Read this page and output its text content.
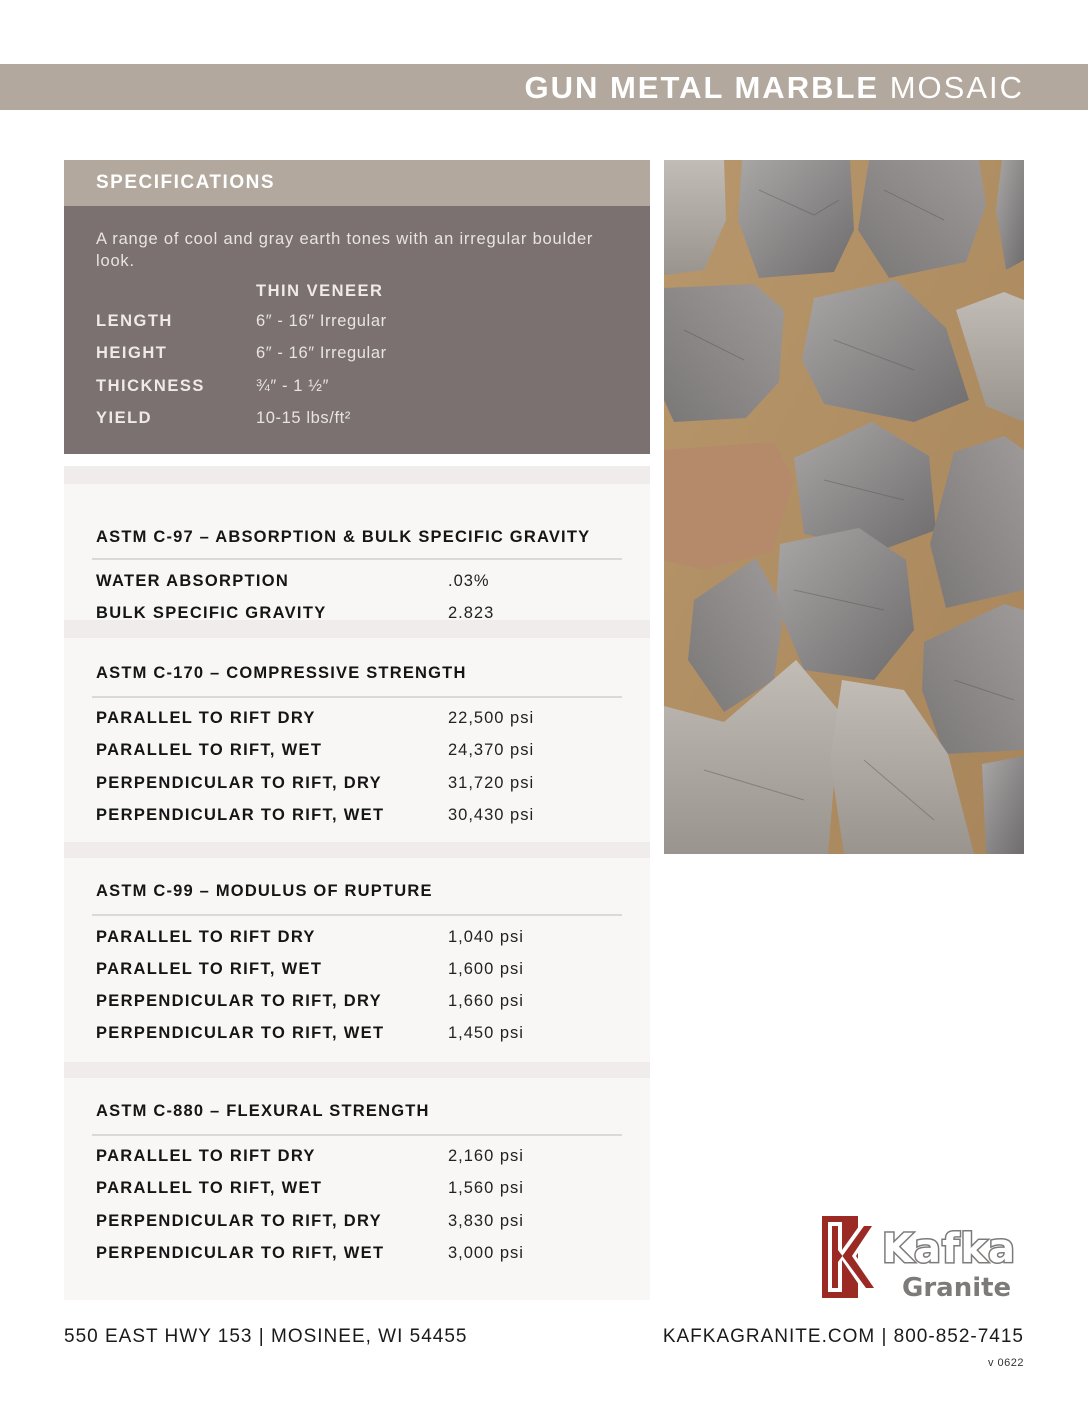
GUN METAL MARBLE MOSAIC
SPECIFICATIONS
A range of cool and gray earth tones with an irregular boulder look.
THIN VENEER
LENGTH	6″ - 16″ Irregular
HEIGHT	6″ - 16″ Irregular
THICKNESS	¾″ - 1 ½″
YIELD	10-15 lbs/ft²
ASTM C-97 – ABSORPTION & BULK SPECIFIC GRAVITY
WATER ABSORPTION	.03%
BULK SPECIFIC GRAVITY	2.823
ASTM C-170 – COMPRESSIVE STRENGTH
PARALLEL TO RIFT DRY	22,500 psi
PARALLEL TO RIFT, WET	24,370 psi
PERPENDICULAR TO RIFT, DRY	31,720 psi
PERPENDICULAR TO RIFT, WET	30,430 psi
ASTM C-99 – MODULUS OF RUPTURE
PARALLEL TO RIFT DRY	1,040 psi
PARALLEL TO RIFT, WET	1,600 psi
PERPENDICULAR TO RIFT, DRY	1,660 psi
PERPENDICULAR TO RIFT, WET	1,450 psi
ASTM C-880 – FLEXURAL STRENGTH
PARALLEL TO RIFT DRY	2,160 psi
PARALLEL TO RIFT, WET	1,560 psi
PERPENDICULAR TO RIFT, DRY	3,830 psi
PERPENDICULAR TO RIFT, WET	3,000 psi	Kafka
Granite
550 EAST HWY 153 | MOSINEE, WI 54455	KAFKAGRANITE.COM | 800-852-7415
v 0622
